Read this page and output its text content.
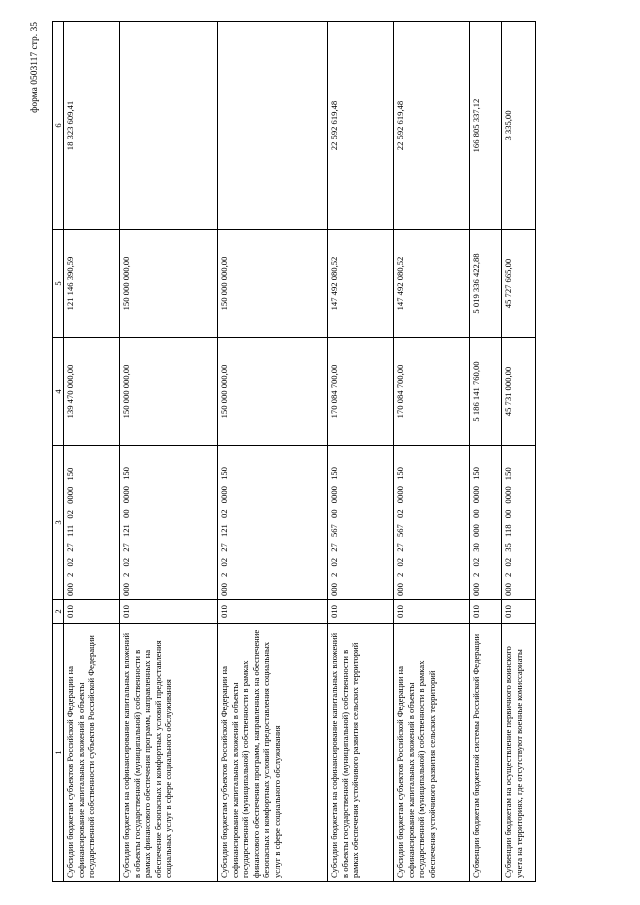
форма 0503117 стр. 35
1	2	3	4	5	6
Субсидии бюджетам субъектов Российской Федерации на софинансирование капитальных вложений в объекты государственной собственности субъектов Российской Федерации	010	000 2 02 27 111 02 0000 150	139 470 000,00	121 146 390,59	18 323 609,41
Субсидии бюджетам на софинансирование капитальных вложений в объекты государственной (муниципальной) собственности в рамках финансового обеспечения программ, направленных на обеспечение безопасных и комфортных условий предоставления социальных услуг в сфере социального обслуживания	010	000 2 02 27 121 00 0000 150	150 000 000,00	150 000 000,00	
Субсидии бюджетам субъектов Российской Федерации на софинансирование капитальных вложений в объекты государственной (муниципальной) собственности в рамках финансового обеспечения программ, направленных на обеспечение безопасных и комфортных условий предоставления социальных услуг в сфере социального обслуживания	010	000 2 02 27 121 02 0000 150	150 000 000,00	150 000 000,00	
Субсидии бюджетам на софинансирование капитальных вложений в объекты государственной (муниципальной) собственности в рамках обеспечения устойчивого развития сельских территорий	010	000 2 02 27 567 00 0000 150	170 084 700,00	147 492 080,52	22 592 619,48
Субсидии бюджетам субъектов Российской Федерации на софинансирование капитальных вложений в объекты государственной (муниципальной) собственности в рамках обеспечения устойчивого развития сельских территорий	010	000 2 02 27 567 02 0000 150	170 084 700,00	147 492 080,52	22 592 619,48
Субвенции бюджетам бюджетной системы Российской Федерации	010	000 2 02 30 000 00 0000 150	5 186 141 760,00	5 019 336 422,88	166 805 337,12
Субвенции бюджетам на осуществление первичного воинского учета на территориях, где отсутствуют военные комиссариаты	010	000 2 02 35 118 00 0000 150	45 731 000,00	45 727 665,00	3 335,00
